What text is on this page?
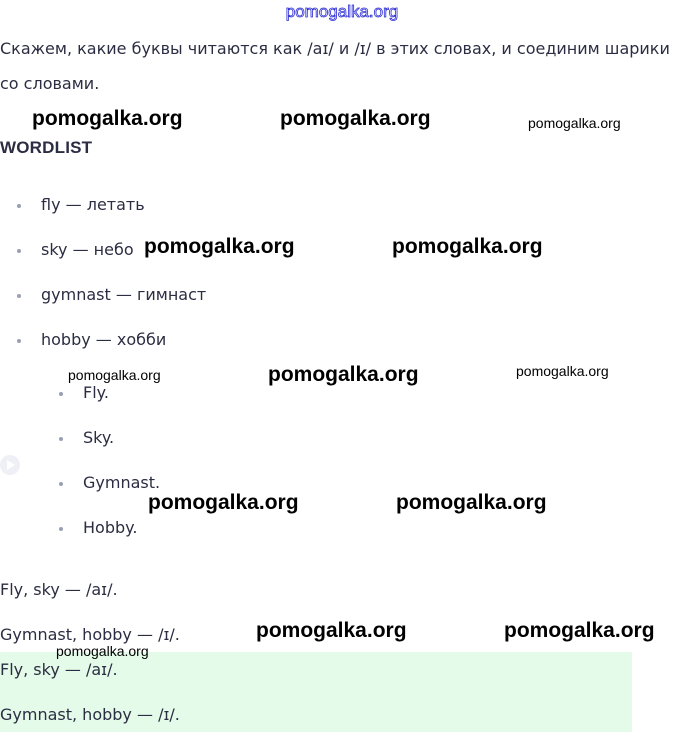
pomogalka.org
Скажем, какие буквы читаются как /aɪ/ и /ɪ/ в этих словах, и соединим шарики со словами.
WORDLIST
fly — летать
sky — небо
gymnast — гимнаст
hobby — хобби
Fly.
Sky.
Gymnast.
Hobby.
Fly, sky — /aɪ/.
Gymnast, hobby — /ɪ/.
Fly, sky — /aɪ/.
Gymnast, hobby — /ɪ/.
pomogalka.org	pomogalka.org	pomogalka.org
pomogalka.org	pomogalka.org
pomogalka.org	pomogalka.org	pomogalka.org
pomogalka.org	pomogalka.org
pomogalka.org	pomogalka.org
pomogalka.org
